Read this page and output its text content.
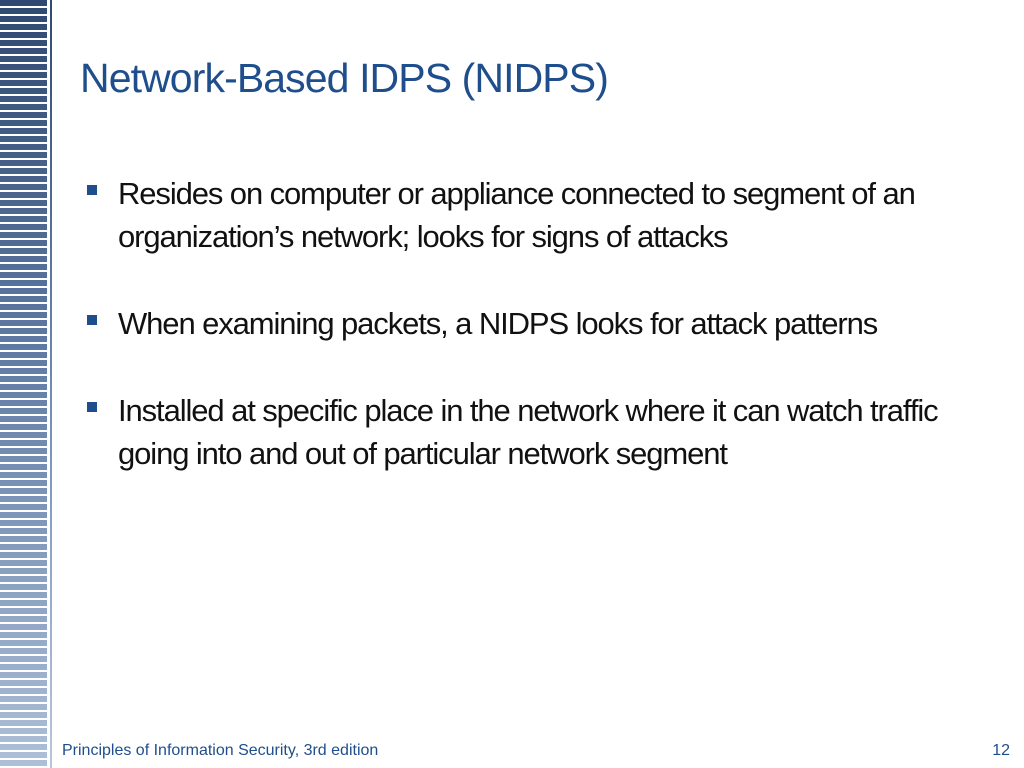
Network-Based IDPS (NIDPS)
Resides on computer or appliance connected to segment of an organization’s network; looks for signs of attacks
When examining packets, a NIDPS looks for attack patterns
Installed at specific place in the network where it can watch traffic going into and out of particular network segment
Principles of Information Security, 3rd edition	12
